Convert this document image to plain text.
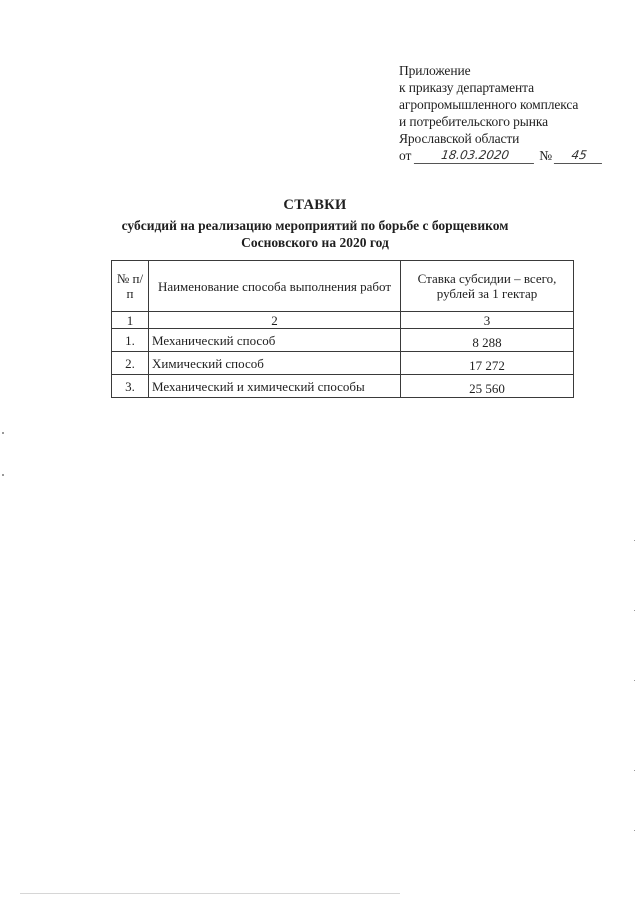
Приложение
к приказу департамента
агропромышленного комплекса
и потребительского рынка
Ярославской области
от	18.03.2020	№	45
СТАВКИ
субсидий на реализацию мероприятий по борьбе с борщевиком
Сосновского на 2020 год
№ п/п	Наименование способа выполнения работ	Ставка субсидии – всего, рублей за 1 гектар
1	2	3
1.	Механический способ	8 288
2.	Химический способ	17 272
3.	Механический и химический способы	25 560
